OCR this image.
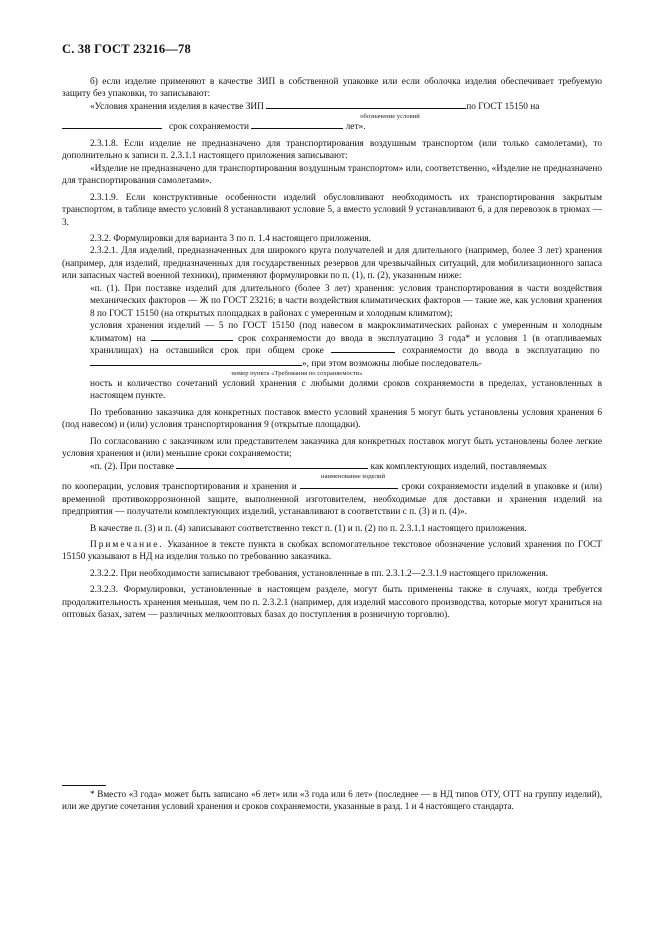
С. 38 ГОСТ 23216—78

б) если изделие применяют в качестве ЗИП в собственной упаковке или если оболочка изделия обеспечивает требуемую защиту без упаковки, то записывают:

«Условия хранения изделия в качестве ЗИП	по ГОСТ 15150 на

обозначение условий

срок сохраняемости	лет».

2.3.1.8. Если изделие не предназначено для транспортирования воздушным транспортом (или только самолетами), то дополнительно к записи п. 2.3.1.1 настоящего приложения записывают:

«Изделие не предназначено для транспортирования воздушным транспортом» или, соответственно, «Изделие не предназначено для транспортирования самолетами».

2.3.1.9. Если конструктивные особенности изделий обусловливают необходимость их транспортирования закрытым транспортом, в таблице вместо условий 8 устанавливают условие 5, а вместо условий 9 устанавливают 6, а для перевозок в трюмах — 3.

2.3.2. Формулировки для варианта 3 по п. 1.4 настоящего приложения.

2.3.2.1. Для изделий, предназначенных для широкого круга получателей и для длительного (например, более 3 лет) хранения (например, для изделий, предназначенных для государственных резервов для чрезвычайных ситуаций, для мобилизационного запаса или запасных частей военной техники), применяют формулировки по п. (1), п. (2), указанным ниже:

«п. (1). При поставке изделий для длительного (более 3 лет) хранения: условия транспортирования в части воздействия механических факторов — Ж по ГОСТ 23216; в части воздействия климатических факторов — такие же, как условия хранения 8 по ГОСТ 15150 (на открытых площадках в районах с умеренным и холодным климатом);

условия хранения изделий — 5 по ГОСТ 15150 (под навесом в макроклиматических районах с умеренным и холодным климатом) на	срок сохраняемости до ввода в эксплуатацию 3 года* и условия 1 (в отапливаемых хранилищах) на оставшийся срок при общем сроке	сохраняемости до ввода в эксплуатацию по », при этом возможны любые последователь-

номер пункта «Требования по сохраняемости»

ность и количество сочетаний условий хранения с любыми долями сроков сохраняемости в пределах, установленных в настоящем пункте.

По требованию заказчика для конкретных поставок вместо условий хранения 5 могут быть установлены условия хранения 6 (под навесом) и (или) условия транспортирования 9 (открытые площадки).

По согласованию с заказчиком или представителем заказчика для конкретных поставок могут быть установлены более легкие условия хранения и (или) меньшие сроки сохраняемости;

«п. (2). При поставке	как комплектующих изделий, поставляемых

наименование изделий

по кооперации, условия транспортирования и хранения и	сроки сохраняемости изделий в упаковке и (или) временной противокоррозионной защите, выполненной изготовителем, необходимые для доставки и хранения изделий на предприятия — получатели комплектующих изделий, устанавливают в соответствии с п. (3) и п. (4)».

В качестве п. (3) и п. (4) записывают соответственно текст п. (1) и п. (2) по п. 2.3.1.1 настоящего приложения.

Примечание. Указанное в тексте пункта в скобках вспомогательное текстовое обозначение условий хранения по ГОСТ 15150 указывают в НД на изделия только по требованию заказчика.

2.3.2.2. При необходимости записывают требования, установленные в пп. 2.3.1.2—2.3.1.9 настоящего приложения.

2.3.2.3. Формулировки, установленные в настоящем разделе, могут быть применены также в случаях, когда требуется продолжительность хранения меньшая, чем по п. 2.3.2.1 (например, для изделий массового производства, которые могут храниться на оптовых базах, затем — различных мелкооптовых базах до поступления в розничную торговлю).

* Вместо «3 года» может быть записано «6 лет» или «3 года или 6 лет» (последнее — в НД типов ОТУ, ОТТ на группу изделий), или же другие сочетания условий хранения и сроков сохраняемости, указанные в разд. 1 и 4 настоящего стандарта.
